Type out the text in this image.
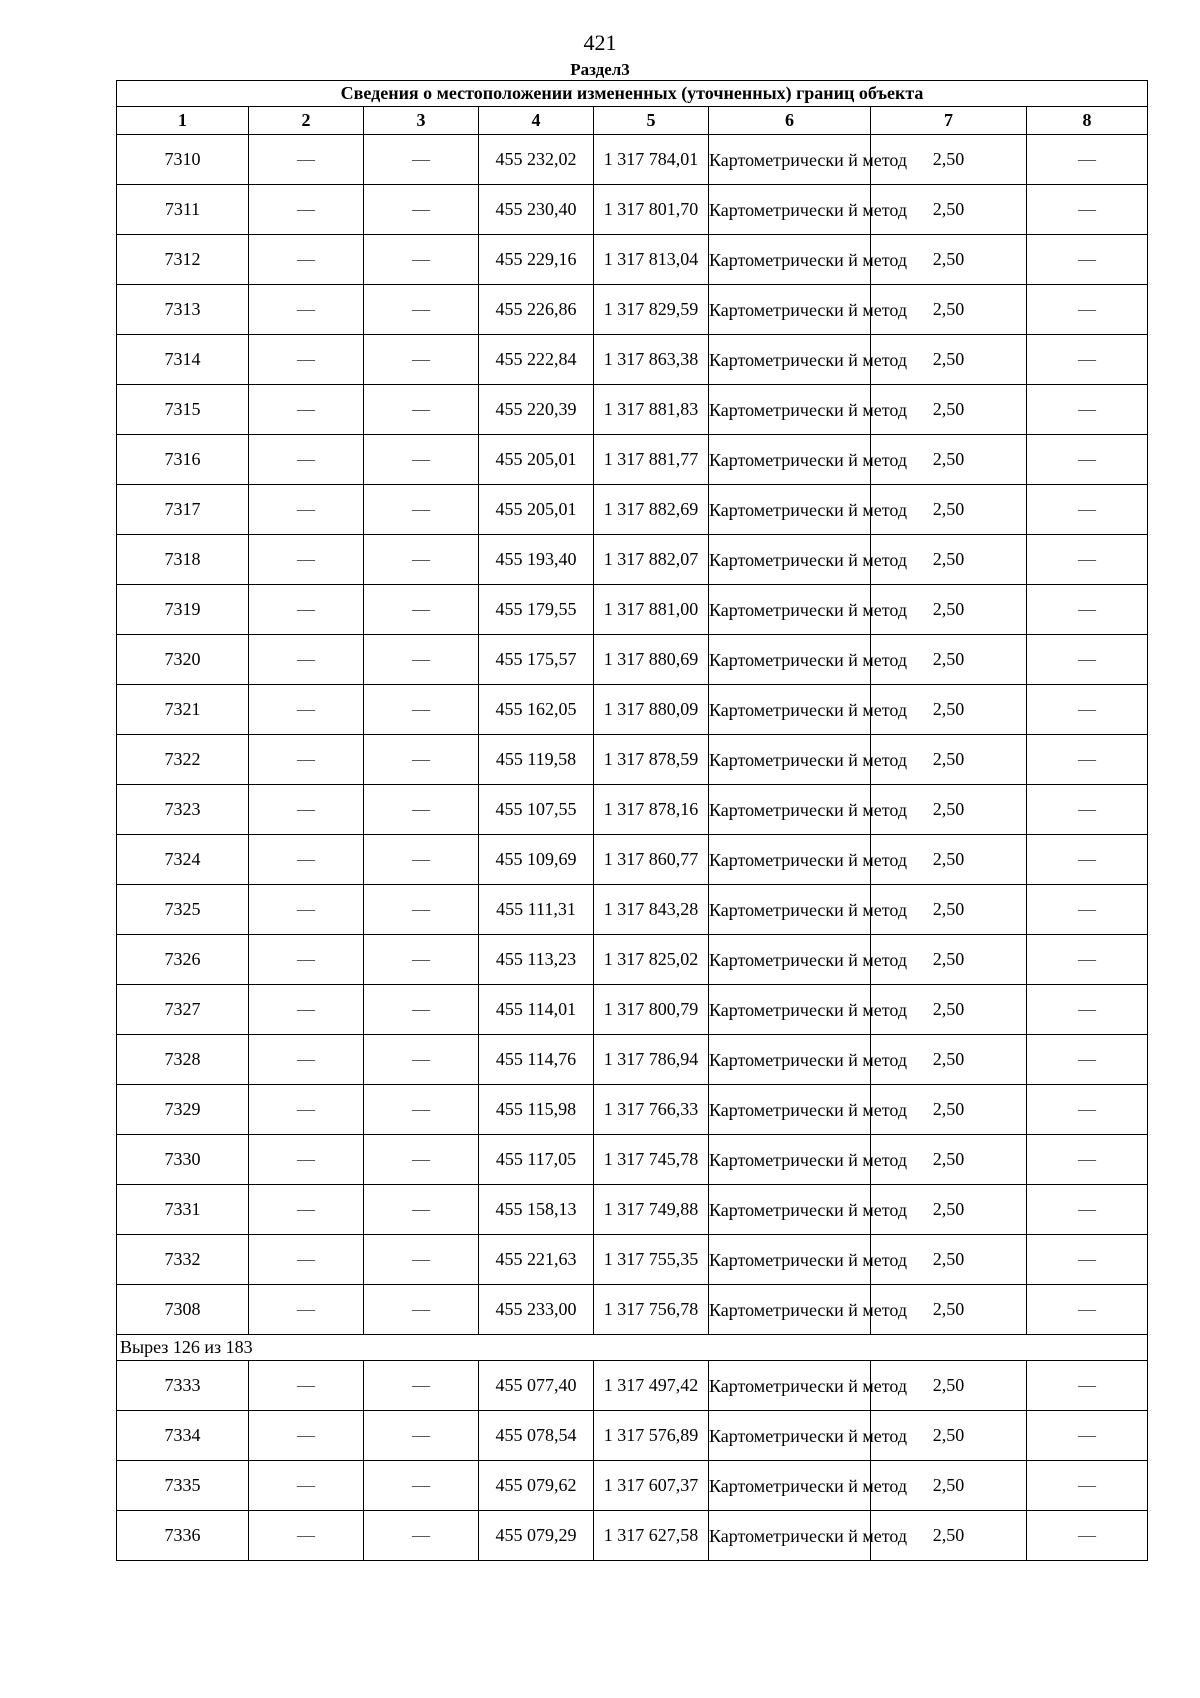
421
Раздел3
Сведения о местоположении измененных (уточненных) границ объекта							
1	2	3	4	5	6	7	8
7310	—	—	455 232,02	1 317 784,01	Картометрически й метод	2,50	—
7311	—	—	455 230,40	1 317 801,70	Картометрически й метод	2,50	—
7312	—	—	455 229,16	1 317 813,04	Картометрически й метод	2,50	—
7313	—	—	455 226,86	1 317 829,59	Картометрически й метод	2,50	—
7314	—	—	455 222,84	1 317 863,38	Картометрически й метод	2,50	—
7315	—	—	455 220,39	1 317 881,83	Картометрически й метод	2,50	—
7316	—	—	455 205,01	1 317 881,77	Картометрически й метод	2,50	—
7317	—	—	455 205,01	1 317 882,69	Картометрически й метод	2,50	—
7318	—	—	455 193,40	1 317 882,07	Картометрически й метод	2,50	—
7319	—	—	455 179,55	1 317 881,00	Картометрически й метод	2,50	—
7320	—	—	455 175,57	1 317 880,69	Картометрически й метод	2,50	—
7321	—	—	455 162,05	1 317 880,09	Картометрически й метод	2,50	—
7322	—	—	455 119,58	1 317 878,59	Картометрически й метод	2,50	—
7323	—	—	455 107,55	1 317 878,16	Картометрически й метод	2,50	—
7324	—	—	455 109,69	1 317 860,77	Картометрически й метод	2,50	—
7325	—	—	455 111,31	1 317 843,28	Картометрически й метод	2,50	—
7326	—	—	455 113,23	1 317 825,02	Картометрически й метод	2,50	—
7327	—	—	455 114,01	1 317 800,79	Картометрически й метод	2,50	—
7328	—	—	455 114,76	1 317 786,94	Картометрически й метод	2,50	—
7329	—	—	455 115,98	1 317 766,33	Картометрически й метод	2,50	—
7330	—	—	455 117,05	1 317 745,78	Картометрически й метод	2,50	—
7331	—	—	455 158,13	1 317 749,88	Картометрически й метод	2,50	—
7332	—	—	455 221,63	1 317 755,35	Картометрически й метод	2,50	—
7308	—	—	455 233,00	1 317 756,78	Картометрически й метод	2,50	—
Вырез 126 из 183							
7333	—	—	455 077,40	1 317 497,42	Картометрически й метод	2,50	—
7334	—	—	455 078,54	1 317 576,89	Картометрически й метод	2,50	—
7335	—	—	455 079,62	1 317 607,37	Картометрически й метод	2,50	—
7336	—	—	455 079,29	1 317 627,58	Картометрически й метод	2,50	—
